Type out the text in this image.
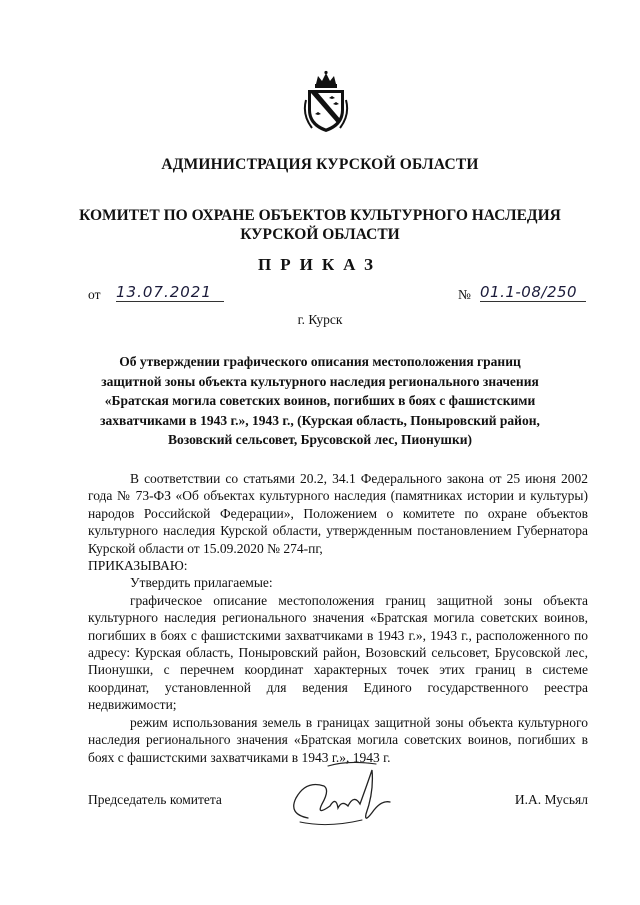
АДМИНИСТРАЦИЯ КУРСКОЙ ОБЛАСТИ
КОМИТЕТ ПО ОХРАНЕ ОБЪЕКТОВ КУЛЬТУРНОГО НАСЛЕДИЯ
КУРСКОЙ ОБЛАСТИ
ПРИКАЗ
от 13.07.2021	№ 01.1-08/250
г. Курск
Об утверждении графического описания местоположения границ
защитной зоны объекта культурного наследия регионального значения
«Братская могила советских воинов, погибших в боях с фашистскими
захватчиками в 1943 г.», 1943 г., (Курская область, Поныровский район,
Возовский сельсовет, Брусовской лес, Пионушки)

В соответствии со статьями 20.2, 34.1 Федерального закона от 25 июня 2002 года № 73-ФЗ «Об объектах культурного наследия (памятниках истории и культуры) народов Российской Федерации», Положением о комитете по охране объектов культурного наследия Курской области, утвержденным постановлением Губернатора Курской области от 15.09.2020 № 274-пг,

ПРИКАЗЫВАЮ:

Утвердить прилагаемые:

графическое описание местоположения границ защитной зоны объекта культурного наследия регионального значения «Братская могила советских воинов, погибших в боях с фашистскими захватчиками в 1943 г.», 1943 г., расположенного по адресу: Курская область, Поныровский район, Возовский сельсовет, Брусовской лес, Пионушки, с перечнем координат характерных точек этих границ в системе координат, установленной для ведения Единого государственного реестра недвижимости;

режим использования земель в границах защитной зоны объекта культурного наследия регионального значения «Братская могила советских воинов, погибших в боях с фашистскими захватчиками в 1943 г.», 1943 г.

Председатель комитета	И.А. Мусьял
